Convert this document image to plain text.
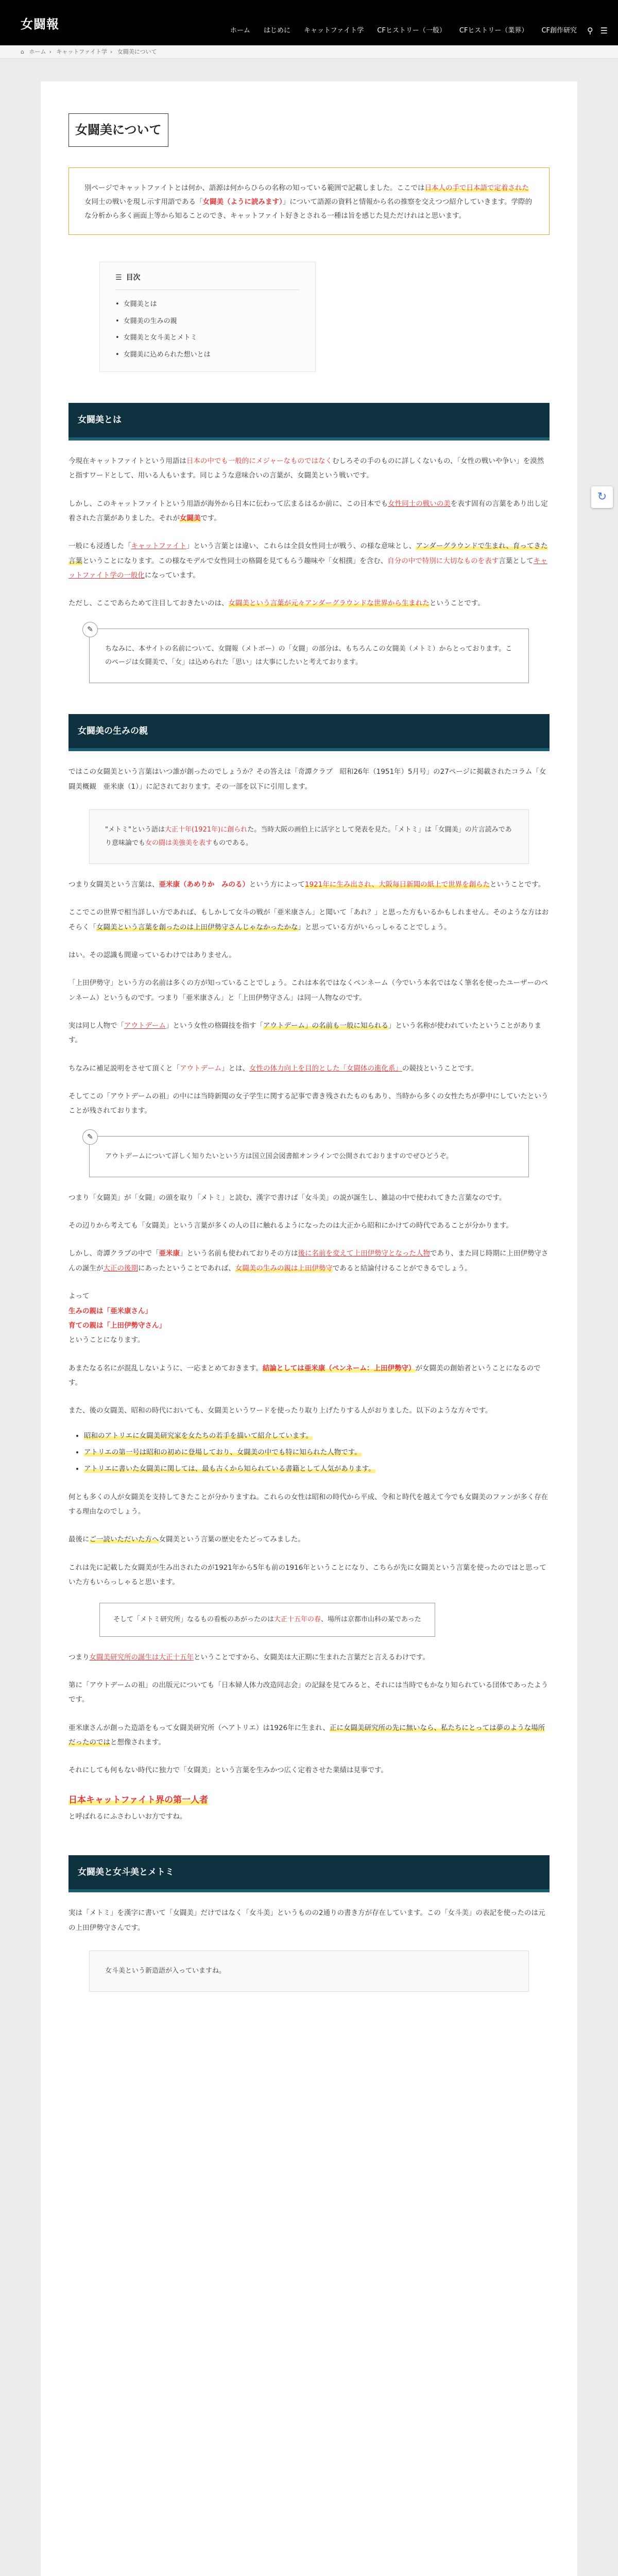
女闘報	ホーム はじめに キャットファイト学 CFヒストリー（一般） CFヒストリー（業界） CF創作研究 ⚲ ☰
⌂ ホーム › キャットファイト学 › 女闘美について
女闘美について
別ページでキャットファイトとは何か、語源は何からひらの名称の知っている範囲で記載しました。ここでは日本人の手で日本語で定着された女同士の戦いを現し示す用語である「女闘美（ように読みます）」について語源の資料と情報から名の推察を交えつつ紹介していきます。学際的な分析から多く画面上等から知ることのでき、キャットファイト好きとされる一種は旨を感じた見ただけれはと思います。
☰ 目次
• 女闘美とは
• 女闘美の生みの親
• 女闘美と女斗美とメトミ
• 女闘美に込められた想いとは
女闘美とは

今現在キャットファイトという用語は日本の中でも一般的にメジャーなものではなくむしろその手のものに詳しくないもの、「女性の戦いや争い」を漠然と指すワードとして、用いる人もいます。同じような意味合いの言葉が、女闘美という戦いです。

しかし、このキャットファイトという用語が海外から日本に伝わって広まるはるか前に、この日本でも女性同士の戦いの美を表す固有の言葉をあり出し定着された言葉がありました。それが女闘美です。

一般にも浸透した「キャットファイト」という言葉とは違い、これらは全員女性同士が戦う、の様な意味とし、アンダーグラウンドで生まれ、育ってきた言葉ということになります。この様なモデルで女性同士の格闘を見てもらう趣味や「女相撲」を含む、自分の中で特別に大切なものを表す言葉としてキャットファイト学の一般化になっています。

ただし、ここであらためて注目しておきたいのは、女闘美という言葉が元々アンダーグラウンドな世界から生まれたということです。

✎
ちなみに、本サイトの名前について、女闘報（メトボー）の「女闘」の部分は、もちろんこの女闘美（メトミ）からとっております。このページは女闘美で、「女」は込められた「思い」は大事にしたいと考えております。
女闘美の生みの親

ではこの女闘美という言葉はいつ誰が創ったのでしょうか？その答えは「奇譚クラブ　昭和26年（1951年）5月号」の27ページに掲載されたコラム「女闘美概観　亜米康（1）」に記されております。その一部を以下に引用します。

"メトミ"という語は大正十年(1921年)に創られた。当時大阪の画伯上に活字として発表を見た。「メトミ」は「女闘美」の片言読みであり意味論でも女の闘は美強美を表すものである。

つまり女闘美という言葉は、亜米康（あめりか　みのる）という方によって1921年に生み出され、大阪毎日新聞の紙上で世界を創らたということです。

ここでこの世界で相当詳しい方であれば、もしかして女斗の戦が「亜米康さん」と聞いて「あれ？」と思った方もいるかもしれません。そのような方はおそらく「女闘美という言葉を創ったのは上田伊勢守さんじゃなかったかな」と思っている方がいらっしゃることでしょう。

はい。その認識も間違っているわけではありません。

「上田伊勢守」という方の名前は多くの方が知っていることでしょう。これは本名ではなくペンネーム（今でいう本名ではなく筆名を使ったユーザーのペンネーム）というものです。つまり「亜米康さん」と「上田伊勢守さん」は同一人物なのです。

実は同じ人物で「アウトデーム」という女性の格闘技を指す「アウトデーム」の名前も一般に知られる」という名称が使われていたということがあります。

ちなみに補足説明をさせて頂くと「アウトデーム」とは、女性の体力向上を目的とした「女闘体の進化系」の競技ということです。

そしてこの「アウトデームの祖」の中には当時新聞の女子学生に関する記事で書き残されたものもあり、当時から多くの女性たちが夢中にしていたということが残されております。

✎
アウトデームについて詳しく知りたいという方は国立国会図書館オンラインで公開されておりますのでぜひどうぞ。

つまり「女闘美」が「女闘」の頭を取り「メトミ」と読む、漢字で書けば「女斗美」の説が誕生し、雑誌の中で使われてきた言葉なのです。

その辺りから考えても「女闘美」という言葉が多くの人の目に触れるようになったのは大正から昭和にかけての時代であることが分かります。

しかし、奇譚クラブの中で「亜米康」という名前も使われておりその方は後に名前を変えて上田伊勢守となった人物であり、また同じ時期に上田伊勢守さんの誕生が大正の後期にあったということであれば、女闘美の生みの親は上田伊勢守であると結論付けることができるでしょう。

よって
生みの親は「亜米康さん」
育ての親は「上田伊勢守さん」
ということになります。

あまたなる名にが混乱しないように、一応まとめておきます。結論としては亜米康（ペンネーム：上田伊勢守）が女闘美の創始者ということになるのです。

また、後の女闘美、昭和の時代においても、女闘美というワードを使ったり取り上げたりする人がおりました。以下のような方々です。

• 昭和のアトリエに女闘美研究家を女たちの若手を描いて紹介しています。
• アトリエの第一号は昭和の初めに登場しており、女闘美の中でも特に知られた人物です。
• アトリエに書いた女闘美に関しては、最も古くから知られている書籍として人気があります。

何とも多くの人が女闘美を支持してきたことが分かりますね。これらの女性は昭和の時代から平成、令和と時代を越えて今でも女闘美のファンが多く存在する理由なのでしょう。

最後にご一読いただいた方へ女闘美という言葉の歴史をたどってみました。

これは先に記載した女闘美が生み出されたのが1921年から5年も前の1916年ということになり、こちらが先に女闘美という言葉を使ったのではと思っていた方もいらっしゃると思います。

そして「メトミ研究所」なるもの看板のあがったのは大正十五年の春、場所は京都市山科の某であった

つまり女闘美研究所の誕生は大正十五年ということですから、女闘美は大正期に生まれた言葉だと言えるわけです。

第に「アウトデームの祖」の出版元についても「日本婦人体力改造同志会」の記録を見てみると、それには当時でもかなり知られている団体であったようです。

亜米康さんが創った造語をもって女闘美研究所（ヘアトリエ）は1926年に生まれ、正に女闘美研究所の先に無いなら、私たちにとっては夢のような場所だったのではと想像されます。

それにしても何もない時代に独力で「女闘美」という言葉を生みかつ広く定着させた業績は見事です。

日本キャットファイト界の第一人者
と呼ばれるにふさわしいお方ですね。

女闘美と女斗美とメトミ

実は「メトミ」を漢字に書いて「女闘美」だけではなく「女斗美」というものの2通りの書き方が存在しています。この「女斗美」の表記を使ったのは元の上田伊勢守さんです。

女斗美という新造語が入っていますね。
↻
